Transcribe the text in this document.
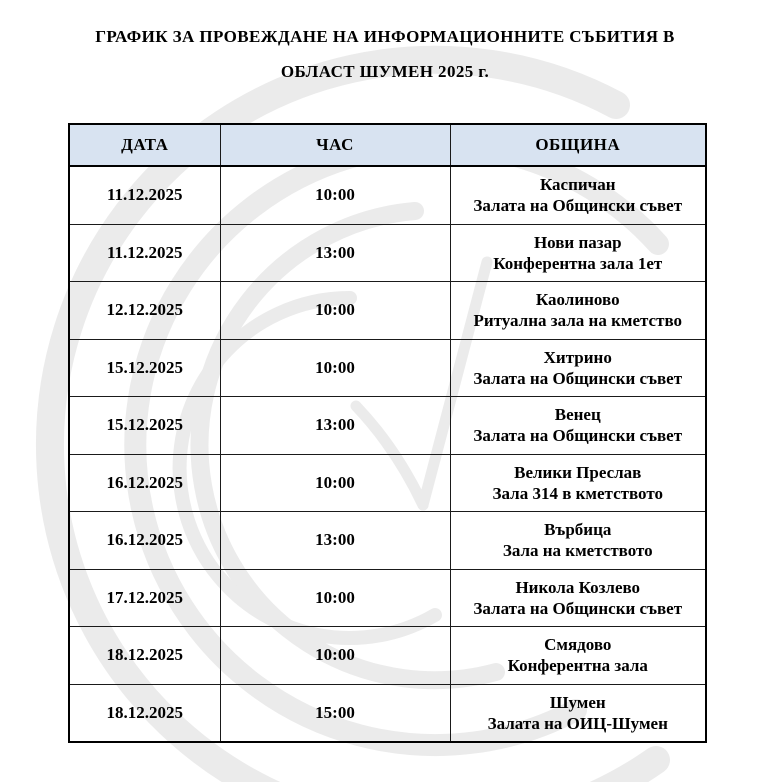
ГРАФИК ЗА ПРОВЕЖДАНЕ НА ИНФОРМАЦИОННИТЕ СЪБИТИЯ В
ОБЛАСТ ШУМЕН 2025 г.
ДАТА	ЧАС	ОБЩИНА
11.12.2025	10:00	Каспичан
Залата на Общински съвет

11.12.2025	13:00	Нови пазар
Конферентна зала 1ет

12.12.2025	10:00	Каолиново
Ритуална зала на кметство

15.12.2025	10:00	Хитрино
Залата на Общински съвет

15.12.2025	13:00	Венец
Залата на Общински съвет

16.12.2025	10:00	Велики Преслав
Зала 314 в кметството

16.12.2025	13:00	Върбица
Зала на кметството

17.12.2025	10:00	Никола Козлево
Залата на Общински съвет

18.12.2025	10:00	Смядово
Конферентна зала

18.12.2025	15:00	Шумен
Залата на ОИЦ-Шумен
